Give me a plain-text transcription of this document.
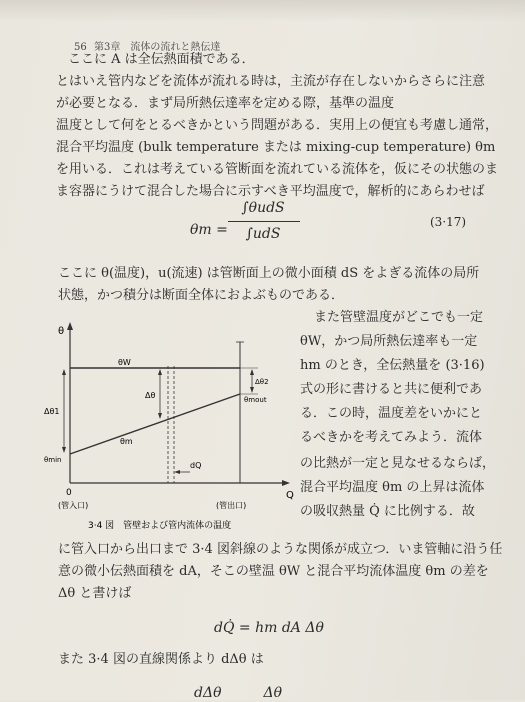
56 第3章　流体の流れと熱伝達
ここに A は全伝熱面積である．
とはいえ管内などを流体が流れる時は，主流が存在しないからさらに注意
が必要となる．まず局所熱伝達率を定める際，基準の温度
温度として何をとるべきかという問題がある．実用上の便宜も考慮し通常，
混合平均温度 (bulk temperature または mixing-cup temperature) θm
を用いる．これは考えている管断面を流れている流体を，仮にその状態のま
ま容器にうけて混合した場合に示すべき平均温度で，解析的にあらわせば
θm =
∫θudS
∫udS
(3·17)
ここに θ(温度)，u(流速) は管断面上の微小面積 dS をよぎる流体の局所
状態，かつ積分は断面全体におよぶものである．
θ
Q
0
θW
θm
Δθ
Δθ1
Δθ2
θmin
θmout
dQ
(管入口)	(管出口)
3·4 図　管壁および管内流体の温度
また管壁温度がどこでも一定
θW，かつ局所熱伝達率も一定
hm のとき，全伝熱量を (3·16)
式の形に書けると共に便利であ
る．この時，温度差をいかにと
るべきかを考えてみよう．流体
の比熱が一定と見なせるならば，
混合平均温度 θm の上昇は流体
の吸収熱量 Q̇ に比例する．故
に管入口から出口まで 3·4 図斜線のような関係が成立つ．いま管軸に沿う任
意の微小伝熱面積を dA，そこの壁温 θW と混合平均流体温度 θm の差を
Δθ と書けば
dQ̇ = hm dA Δθ
また 3·4 図の直線関係より dΔθ は
dΔθ　　　Δθ
